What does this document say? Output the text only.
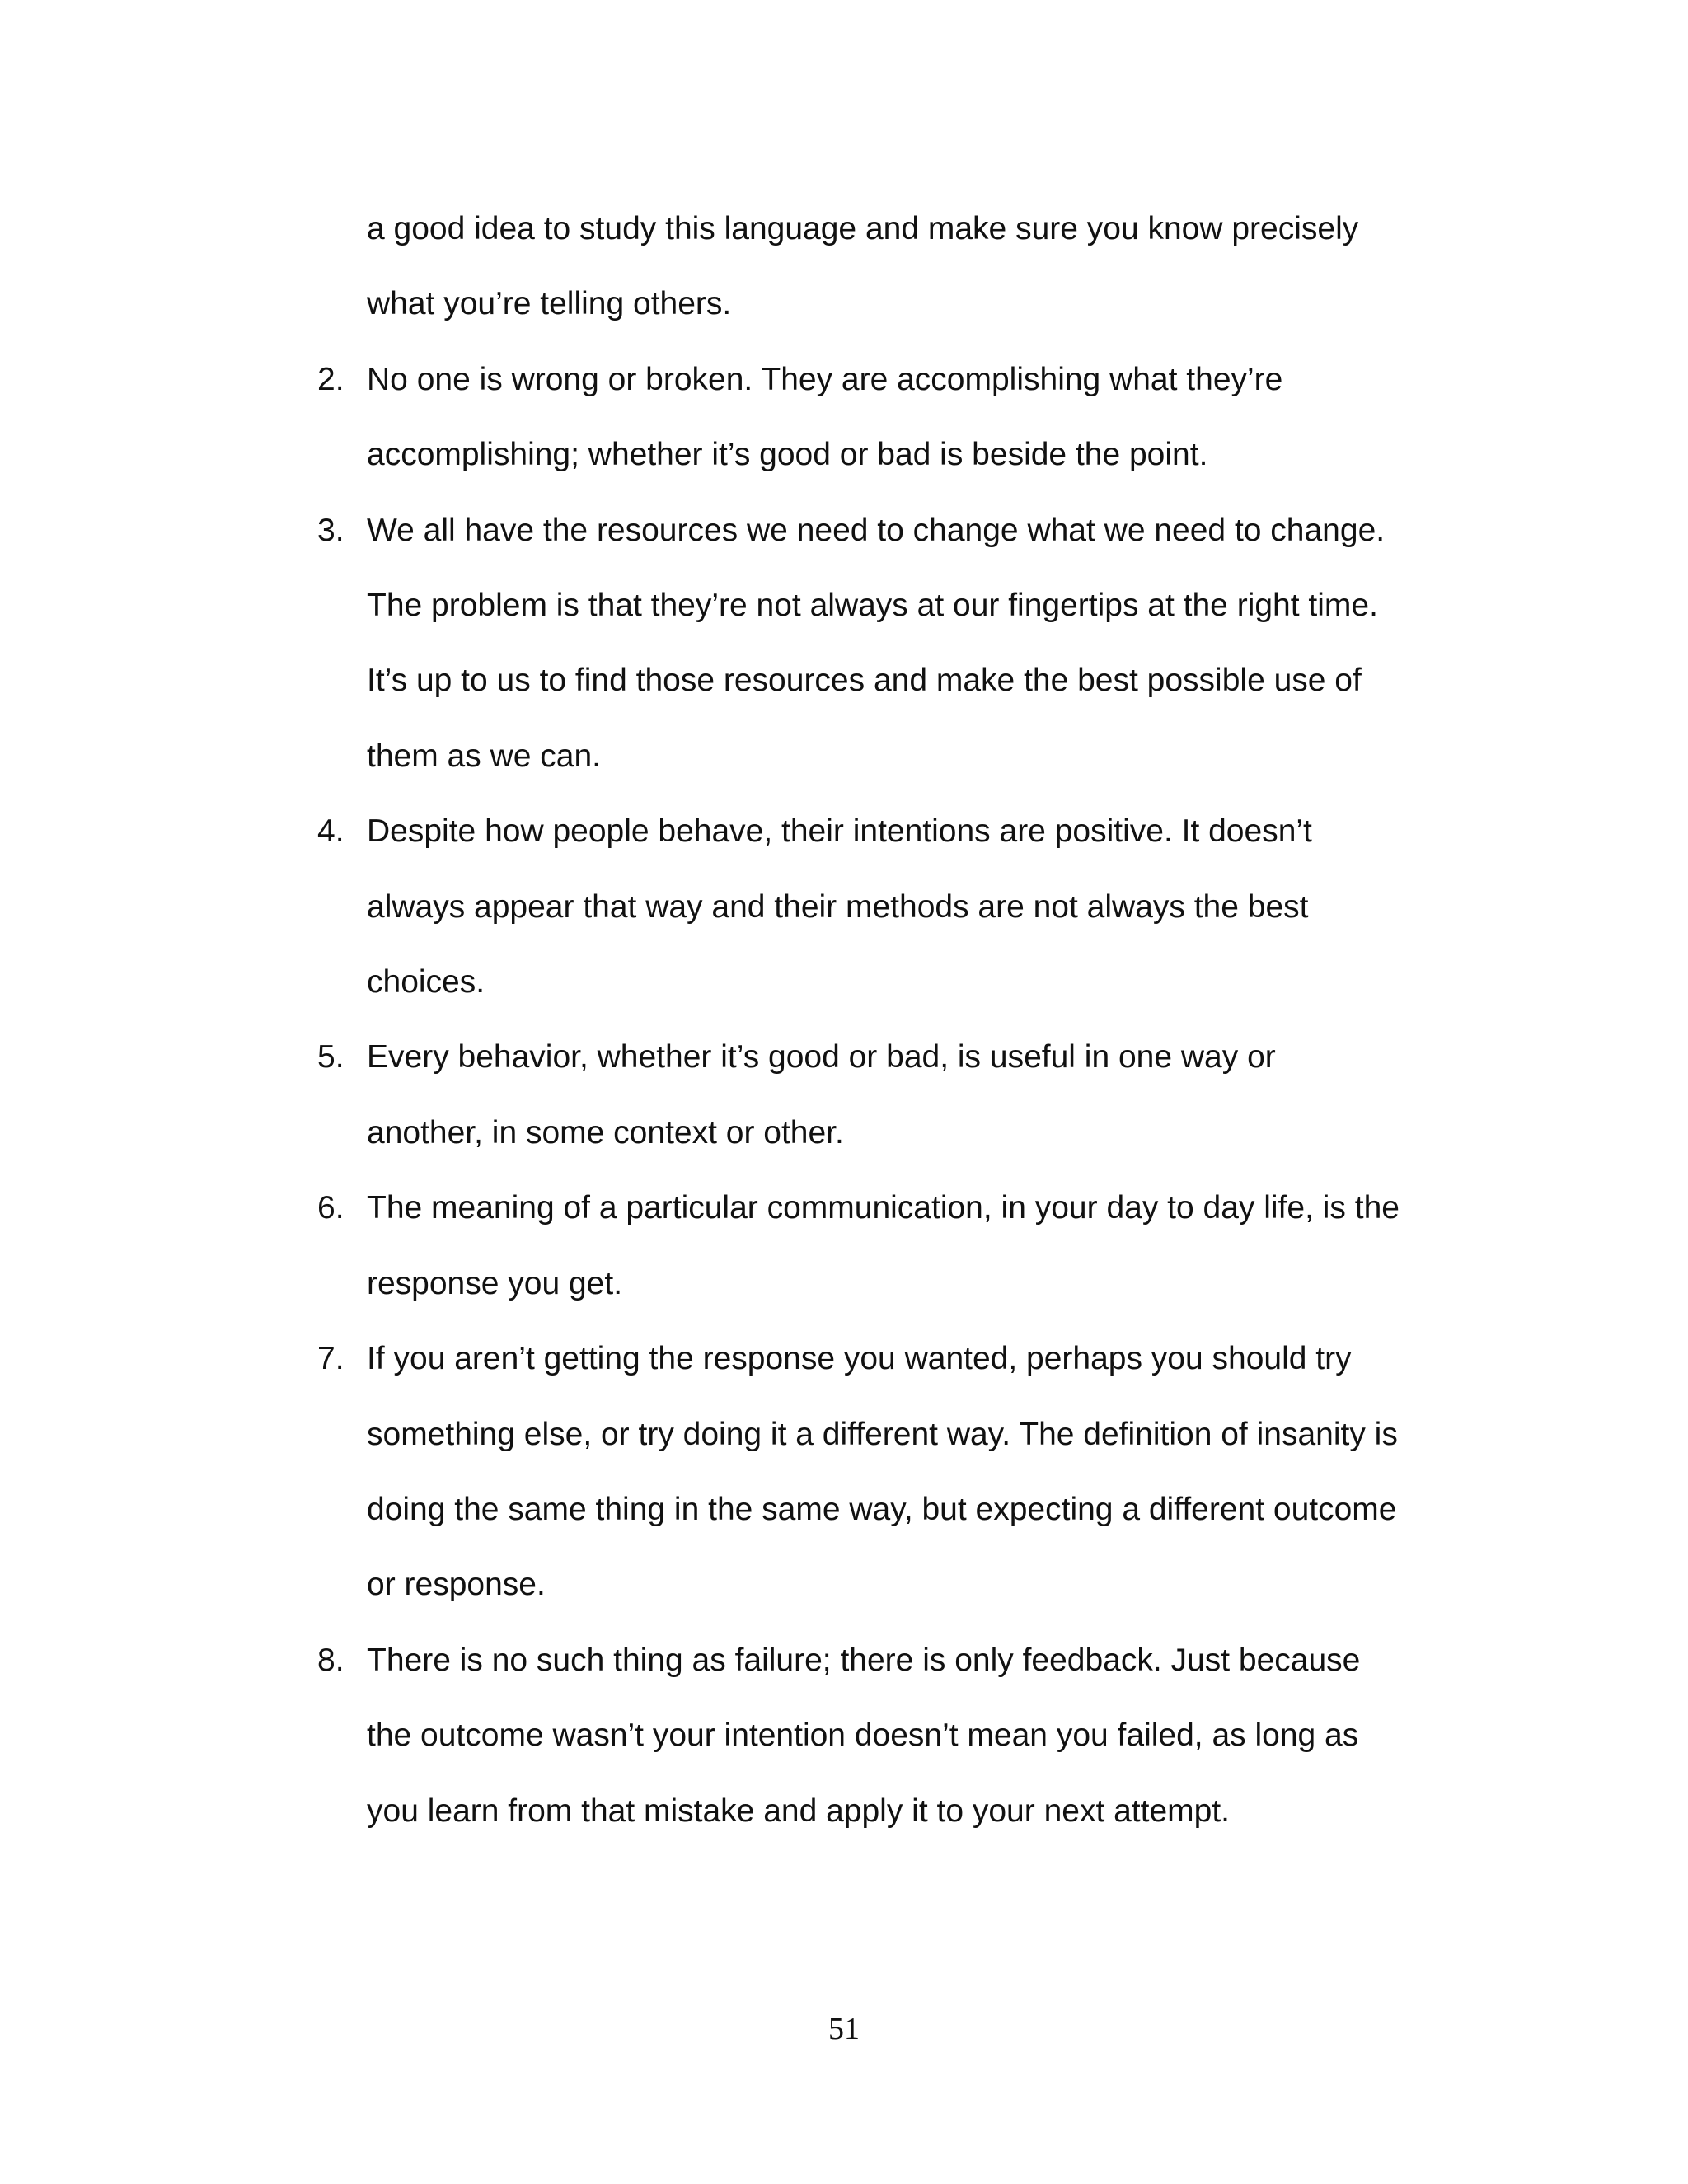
a good idea to study this language and make sure you know precisely
what you’re telling others.

2. No one is wrong or broken. They are accomplishing what they’re
accomplishing; whether it’s good or bad is beside the point.
3. We all have the resources we need to change what we need to change.
The problem is that they’re not always at our fingertips at the right time.
It’s up to us to find those resources and make the best possible use of
them as we can.
4. Despite how people behave, their intentions are positive. It doesn’t
always appear that way and their methods are not always the best
choices.
5. Every behavior, whether it’s good or bad, is useful in one way or
another, in some context or other.
6. The meaning of a particular communication, in your day to day life, is the
response you get.
7. If you aren’t getting the response you wanted, perhaps you should try
something else, or try doing it a different way. The definition of insanity is
doing the same thing in the same way, but expecting a different outcome
or response.
8. There is no such thing as failure; there is only feedback. Just because
the outcome wasn’t your intention doesn’t mean you failed, as long as
you learn from that mistake and apply it to your next attempt.
51
